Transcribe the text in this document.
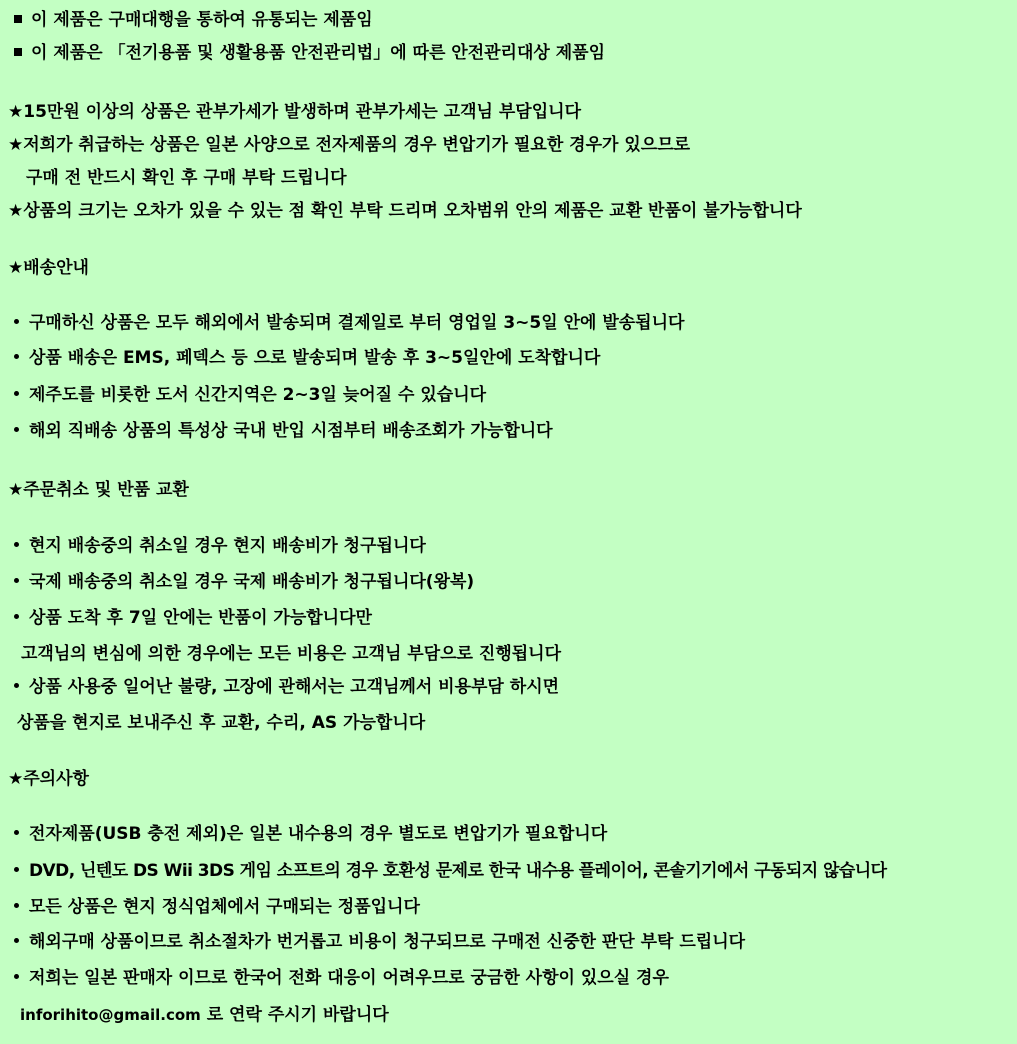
이 제품은 구매대행을 통하여 유통되는 제품임
이 제품은 「전기용품 및 생활용품 안전관리법」에 따른 안전관리대상 제품임
★15만원 이상의 상품은 관부가세가 발생하며 관부가세는 고객님 부담입니다
★저희가 취급하는 상품은 일본 사양으로 전자제품의 경우 변압기가 필요한 경우가 있으므로
구매 전 반드시 확인 후 구매 부탁 드립니다
★상품의 크기는 오차가 있을 수 있는 점 확인 부탁 드리며 오차범위 안의 제품은 교환 반품이 불가능합니다
★배송안내
구매하신 상품은 모두 해외에서 발송되며 결제일로 부터 영업일 3~5일 안에 발송됩니다
상품 배송은 EMS, 페덱스 등 으로 발송되며 발송 후 3~5일안에 도착합니다
제주도를 비롯한 도서 신간지역은 2~3일 늦어질 수 있습니다
해외 직배송 상품의 특성상 국내 반입 시점부터 배송조회가 가능합니다
★주문취소 및 반품 교환
현지 배송중의 취소일 경우 현지 배송비가 청구됩니다
국제 배송중의 취소일 경우 국제 배송비가 청구됩니다(왕복)
상품 도착 후 7일 안에는 반품이 가능합니다만
고객님의 변심에 의한 경우에는 모든 비용은 고객님 부담으로 진행됩니다
상품 사용중 일어난 불량, 고장에 관해서는 고객님께서 비용부담 하시면
상품을 현지로 보내주신 후 교환, 수리, AS 가능합니다
★주의사항
전자제품(USB 충전 제외)은 일본 내수용의 경우 별도로 변압기가 필요합니다
DVD, 닌텐도 DS Wii 3DS 게임 소프트의 경우 호환성 문제로 한국 내수용 플레이어, 콘솔기기에서 구동되지 않습니다
모든 상품은 현지 정식업체에서 구매되는 정품입니다
해외구매 상품이므로 취소절차가 번거롭고 비용이 청구되므로 구매전 신중한 판단 부탁 드립니다
저희는 일본 판매자 이므로 한국어 전화 대응이 어려우므로 궁금한 사항이 있으실 경우
inforihito@gmail.com 로 연락 주시기 바랍니다
